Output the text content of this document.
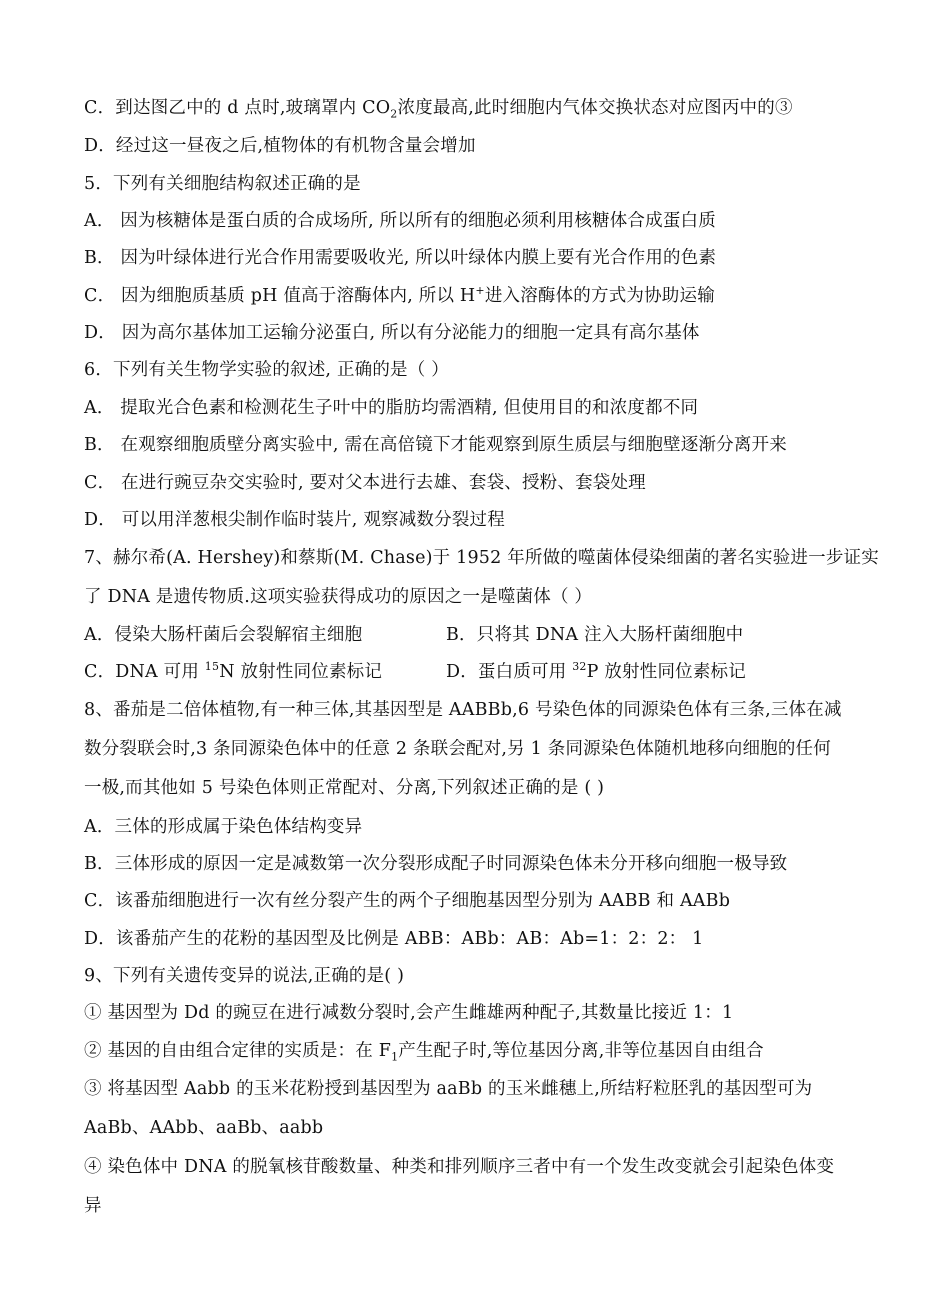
C．到达图乙中的 d 点时,玻璃罩内 $CO_2$浓度最高,此时细胞内气体交换状态对应图丙中的③
D．经过这一昼夜之后,植物体的有机物含量会增加
5．下列有关细胞结构叙述正确的是
A． 因为核糖体是蛋白质的合成场所, 所以所有的细胞必须利用核糖体合成蛋白质
B． 因为叶绿体进行光合作用需要吸收光, 所以叶绿体内膜上要有光合作用的色素
C． 因为细胞质基质 pH 值高于溶酶体内, 所以 H+进入溶酶体的方式为协助运输
D． 因为高尔基体加工运输分泌蛋白, 所以有分泌能力的细胞一定具有高尔基体
6．下列有关生物学实验的叙述, 正确的是（ ）
A． 提取光合色素和检测花生子叶中的脂肪均需酒精, 但使用目的和浓度都不同
B． 在观察细胞质壁分离实验中, 需在高倍镜下才能观察到原生质层与细胞壁逐渐分离开来
C． 在进行豌豆杂交实验时, 要对父本进行去雄、套袋、授粉、套袋处理
D． 可以用洋葱根尖制作临时装片, 观察减数分裂过程
7、赫尔希(A. Hershey)和蔡斯(M. Chase)于 1952 年所做的噬菌体侵染细菌的著名实验进一步证实
了 DNA 是遗传物质.这项实验获得成功的原因之一是噬菌体（ ）
A．侵染大肠杆菌后会裂解宿主细胞	B．只将其 DNA 注入大肠杆菌细胞中
C．DNA 可用 $^{15}$N 放射性同位素标记	D．蛋白质可用 $^{32}$P 放射性同位素标记
8、番茄是二倍体植物,有一种三体,其基因型是 AABBb,6 号染色体的同源染色体有三条,三体在减
数分裂联会时,3 条同源染色体中的任意 2 条联会配对,另 1 条同源染色体随机地移向细胞的任何
一极,而其他如 5 号染色体则正常配对、分离,下列叙述正确的是 ( )
A．三体的形成属于染色体结构变异
B．三体形成的原因一定是减数第一次分裂形成配子时同源染色体未分开移向细胞一极导致
C．该番茄细胞进行一次有丝分裂产生的两个子细胞基因型分别为 AABB 和 AABb
D．该番茄产生的花粉的基因型及比例是 ABB：ABb：AB：Ab=1：2：2： 1
9、下列有关遗传变异的说法,正确的是( )
① 基因型为 Dd 的豌豆在进行减数分裂时,会产生雌雄两种配子,其数量比接近 1：1
② 基因的自由组合定律的实质是：在 $F_1$产生配子时,等位基因分离,非等位基因自由组合
③ 将基因型 Aabb 的玉米花粉授到基因型为 aaBb 的玉米雌穗上,所结籽粒胚乳的基因型可为
AaBb、AAbb、aaBb、aabb
④ 染色体中 DNA 的脱氧核苷酸数量、种类和排列顺序三者中有一个发生改变就会引起染色体变
异
